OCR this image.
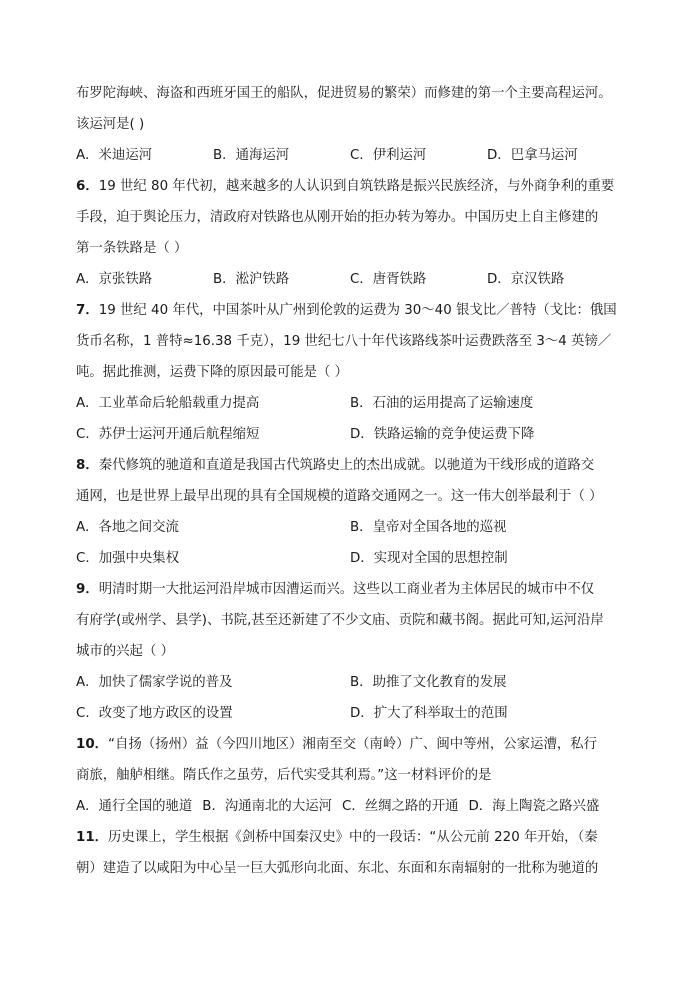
布罗陀海峡、海盗和西班牙国王的船队，促进贸易的繁荣）而修建的第一个主要高程运河。
该运河是( )
A．米迪运河	B．通海运河	C．伊利运河	D．巴拿马运河
6．19 世纪 80 年代初，越来越多的人认识到自筑铁路是振兴民族经济，与外商争利的重要
手段，迫于舆论压力，清政府对铁路也从刚开始的拒办转为筹办。中国历史上自主修建的
第一条铁路是（ ）
A．京张铁路	B．淞沪铁路	C．唐胥铁路	D．京汉铁路
7．19 世纪 40 年代，中国茶叶从广州到伦敦的运费为 30～40 银戈比／普特（戈比：俄国
货币名称，1 普特≈16.38 千克），19 世纪七八十年代该路线茶叶运费跌落至 3～4 英镑／
吨。据此推测，运费下降的原因最可能是（ ）
A．工业革命后轮船载重力提高	B．石油的运用提高了运输速度
C．苏伊士运河开通后航程缩短	D．铁路运输的竞争使运费下降
8．秦代修筑的驰道和直道是我国古代筑路史上的杰出成就。以驰道为干线形成的道路交
通网，也是世界上最早出现的具有全国规模的道路交通网之一。这一伟大创举最利于（ ）
A．各地之间交流	B．皇帝对全国各地的巡视
C．加强中央集权	D．实现对全国的思想控制
9．明清时期一大批运河沿岸城市因漕运而兴。这些以工商业者为主体居民的城市中不仅
有府学(或州学、县学)、书院,甚至还新建了不少文庙、贡院和藏书阁。据此可知,运河沿岸
城市的兴起（ ）
A．加快了儒家学说的普及	B．助推了文化教育的发展
C．改变了地方政区的设置	D．扩大了科举取士的范围
10．“自扬（扬州）益（今四川地区）湘南至交（南岭）广、闽中等州，公家运漕，私行
商旅，舳舻相继。隋氏作之虽劳，后代实受其利焉。”这一材料评价的是
A．通行全国的驰道 B．沟通南北的大运河 C．丝绸之路的开通 D．海上陶瓷之路兴盛
11．历史课上，学生根据《剑桥中国秦汉史》中的一段话：“从公元前 220 年开始，（秦
朝）建造了以咸阳为中心呈一巨大弧形向北面、东北、东面和东南辐射的一批称为驰道的
